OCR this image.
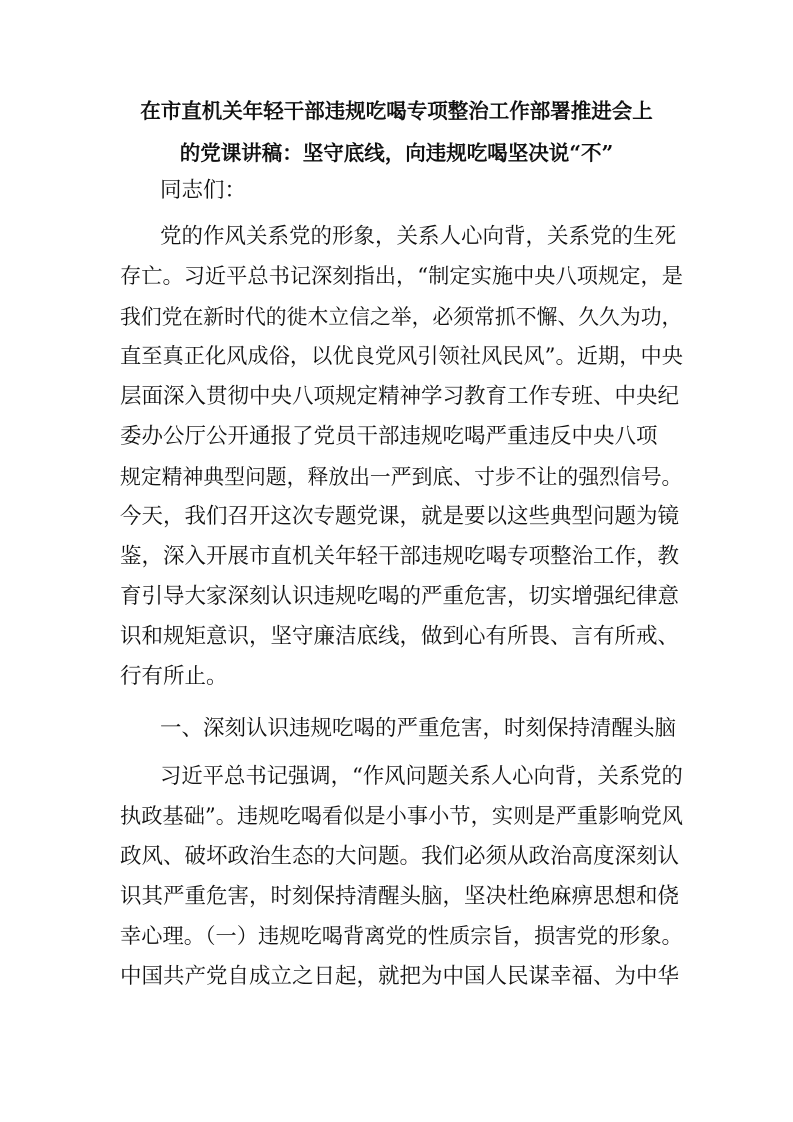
在市直机关年轻干部违规吃喝专项整治工作部署推进会上
的党课讲稿：坚守底线，向违规吃喝坚决说“不”
同志们：
党的作风关系党的形象，关系人心向背，关系党的生死
存亡。习近平总书记深刻指出，“制定实施中央八项规定，是
我们党在新时代的徙木立信之举，必须常抓不懈、久久为功，
直至真正化风成俗，以优良党风引领社风民风”。近期，中央
层面深入贯彻中央八项规定精神学习教育工作专班、中央纪
委办公厅公开通报了党员干部违规吃喝严重违反中央八项
规定精神典型问题，释放出一严到底、寸步不让的强烈信号。
今天，我们召开这次专题党课，就是要以这些典型问题为镜
鉴，深入开展市直机关年轻干部违规吃喝专项整治工作，教
育引导大家深刻认识违规吃喝的严重危害，切实增强纪律意
识和规矩意识，坚守廉洁底线，做到心有所畏、言有所戒、
行有所止。
一、深刻认识违规吃喝的严重危害，时刻保持清醒头脑
习近平总书记强调，“作风问题关系人心向背，关系党的
执政基础”。违规吃喝看似是小事小节，实则是严重影响党风
政风、破坏政治生态的大问题。我们必须从政治高度深刻认
识其严重危害，时刻保持清醒头脑，坚决杜绝麻痹思想和侥
幸心理。（一）违规吃喝背离党的性质宗旨，损害党的形象。
中国共产党自成立之日起，就把为中国人民谋幸福、为中华
